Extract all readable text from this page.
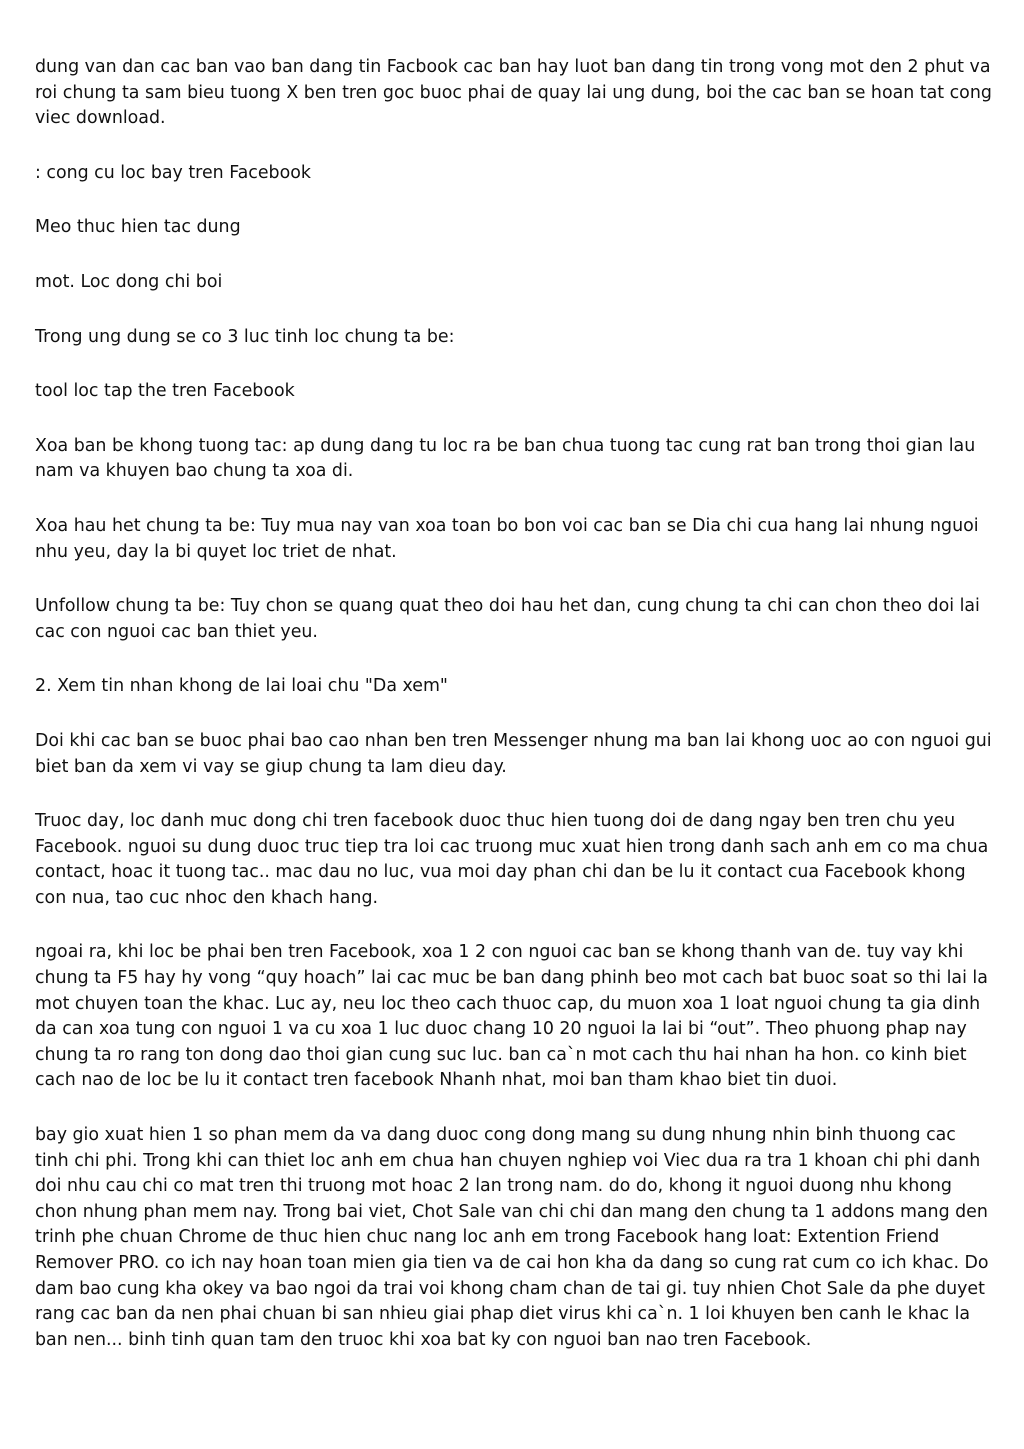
dung van dan cac ban vao ban dang tin Facbook cac ban hay luot ban dang tin trong vong mot den 2 phut va roi chung ta sam bieu tuong X ben tren goc buoc phai de quay lai ung dung, boi the cac ban se hoan tat cong viec download.

: cong cu loc bay tren Facebook

Meo thuc hien tac dung

mot. Loc dong chi boi

Trong ung dung se co 3 luc tinh loc chung ta be:

tool loc tap the tren Facebook

Xoa ban be khong tuong tac: ap dung dang tu loc ra be ban chua tuong tac cung rat ban trong thoi gian lau nam va khuyen bao chung ta xoa di.

Xoa hau het chung ta be: Tuy mua nay van xoa toan bo bon voi cac ban se Dia chi cua hang lai nhung nguoi nhu yeu, day la bi quyet loc triet de nhat.

Unfollow chung ta be: Tuy chon se quang quat theo doi hau het dan, cung chung ta chi can chon theo doi lai cac con nguoi cac ban thiet yeu.

2. Xem tin nhan khong de lai loai chu "Da xem"

Doi khi cac ban se buoc phai bao cao nhan ben tren Messenger nhung ma ban lai khong uoc ao con nguoi gui biet ban da xem vi vay se giup chung ta lam dieu day.

Truoc day, loc danh muc dong chi tren facebook duoc thuc hien tuong doi de dang ngay ben tren chu yeu Facebook. nguoi su dung duoc truc tiep tra loi cac truong muc xuat hien trong danh sach anh em co ma chua contact, hoac it tuong tac.. mac dau no luc, vua moi day phan chi dan be lu it contact cua Facebook khong con nua, tao cuc nhoc den khach hang.

ngoai ra, khi loc be phai ben tren Facebook, xoa 1 2 con nguoi cac ban se khong thanh van de. tuy vay khi chung ta F5 hay hy vong “quy hoach” lai cac muc be ban dang phinh beo mot cach bat buoc soat so thi lai la mot chuyen toan the khac. Luc ay, neu loc theo cach thuoc cap, du muon xoa 1 loat nguoi chung ta gia dinh da can xoa tung con nguoi 1 va cu xoa 1 luc duoc chang 10 20 nguoi la lai bi “out”. Theo phuong phap nay chung ta ro rang ton dong dao thoi gian cung suc luc. ban ca`n mot cach thu hai nhan ha hon. co kinh biet cach nao de loc be lu it contact tren facebook Nhanh nhat, moi ban tham khao biet tin duoi.

bay gio xuat hien 1 so phan mem da va dang duoc cong dong mang su dung nhung nhin binh thuong cac tinh chi phi. Trong khi can thiet loc anh em chua han chuyen nghiep voi Viec dua ra tra 1 khoan chi phi danh doi nhu cau chi co mat tren thi truong mot hoac 2 lan trong nam. do do, khong it nguoi duong nhu khong chon nhung phan mem nay. Trong bai viet, Chot Sale van chi chi dan mang den chung ta 1 addons mang den trinh phe chuan Chrome de thuc hien chuc nang loc anh em trong Facebook hang loat: Extention Friend Remover PRO. co ich nay hoan toan mien gia tien va de cai hon kha da dang so cung rat cum co ich khac. Do dam bao cung kha okey va bao ngoi da trai voi khong cham chan de tai gi. tuy nhien Chot Sale da phe duyet rang cac ban da nen phai chuan bi san nhieu giai phap diet virus khi ca`n. 1 loi khuyen ben canh le khac la ban nen... binh tinh quan tam den truoc khi xoa bat ky con nguoi ban nao tren Facebook.
